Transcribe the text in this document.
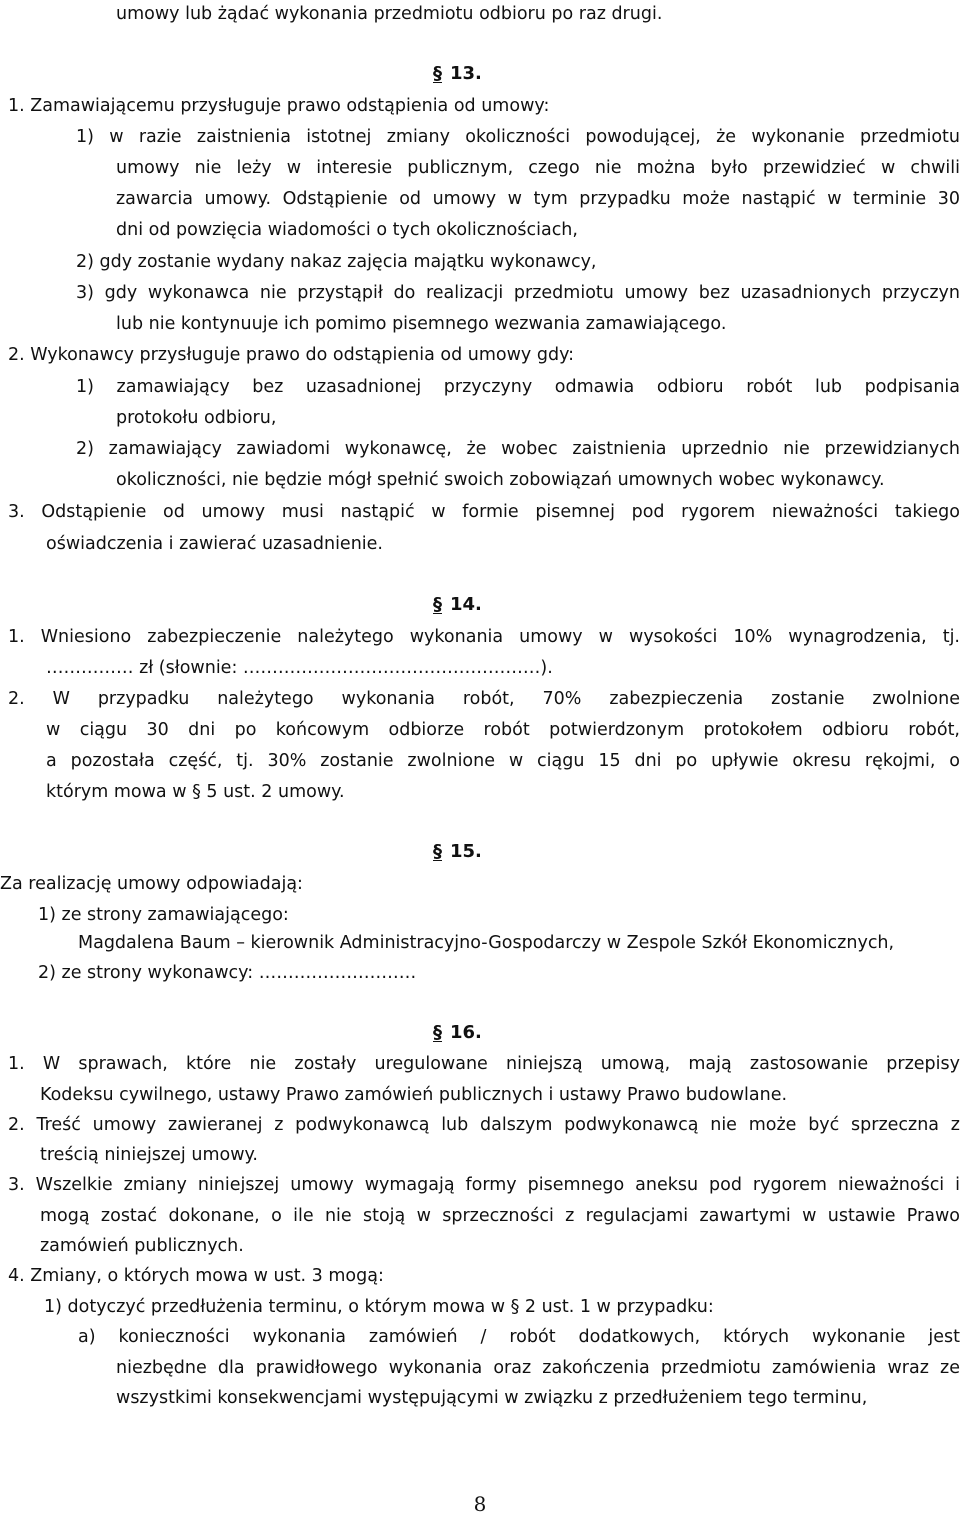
umowy lub żądać wykonania przedmiotu odbioru po raz drugi.

§ 13.

1. Zamawiającemu przysługuje prawo odstąpienia od umowy:

1) w razie zaistnienia istotnej zmiany okoliczności powodującej, że wykonanie przedmiotu

umowy nie leży w interesie publicznym, czego nie można było przewidzieć w chwili

zawarcia umowy. Odstąpienie od umowy w tym przypadku może nastąpić w terminie 30

dni od powzięcia wiadomości o tych okolicznościach,

2) gdy zostanie wydany nakaz zajęcia majątku wykonawcy,

3) gdy wykonawca nie przystąpił do realizacji przedmiotu umowy bez uzasadnionych przyczyn

lub nie kontynuuje ich pomimo pisemnego wezwania zamawiającego.

2. Wykonawcy przysługuje prawo do odstąpienia od umowy gdy:

1) zamawiający bez uzasadnionej przyczyny odmawia odbioru robót lub podpisania

protokołu odbioru,

2) zamawiający zawiadomi wykonawcę, że wobec zaistnienia uprzednio nie przewidzianych

okoliczności, nie będzie mógł spełnić swoich zobowiązań umownych wobec wykonawcy.

3. Odstąpienie od umowy musi nastąpić w formie pisemnej pod rygorem nieważności takiego

oświadczenia i zawierać uzasadnienie.

§ 14.

1. Wniesiono zabezpieczenie należytego wykonania umowy w wysokości 10% wynagrodzenia, tj.

…………… zł (słownie: ……………………………………………).

2. W przypadku należytego wykonania robót, 70% zabezpieczenia zostanie zwolnione

w ciągu 30 dni po końcowym odbiorze robót potwierdzonym protokołem odbioru robót,

a pozostała część, tj. 30% zostanie zwolnione w ciągu 15 dni po upływie okresu rękojmi, o

którym mowa w § 5 ust. 2 umowy.

§ 15.

Za realizację umowy odpowiadają:

1) ze strony zamawiającego:

Magdalena Baum – kierownik Administracyjno-Gospodarczy w Zespole Szkół Ekonomicznych,

2) ze strony wykonawcy: ………………………

§ 16.

1. W sprawach, które nie zostały uregulowane niniejszą umową, mają zastosowanie przepisy

Kodeksu cywilnego, ustawy Prawo zamówień publicznych i ustawy Prawo budowlane.

2. Treść umowy zawieranej z podwykonawcą lub dalszym podwykonawcą nie może być sprzeczna z

treścią niniejszej umowy.

3. Wszelkie zmiany niniejszej umowy wymagają formy pisemnego aneksu pod rygorem nieważności i

mogą zostać dokonane, o ile nie stoją w sprzeczności z regulacjami zawartymi w ustawie Prawo

zamówień publicznych.

4. Zmiany, o których mowa w ust. 3 mogą:

1) dotyczyć przedłużenia terminu, o którym mowa w § 2 ust. 1 w przypadku:

a) konieczności wykonania zamówień / robót dodatkowych, których wykonanie jest

niezbędne dla prawidłowego wykonania oraz zakończenia przedmiotu zamówienia wraz ze

wszystkimi konsekwencjami występującymi w związku z przedłużeniem tego terminu,

8
